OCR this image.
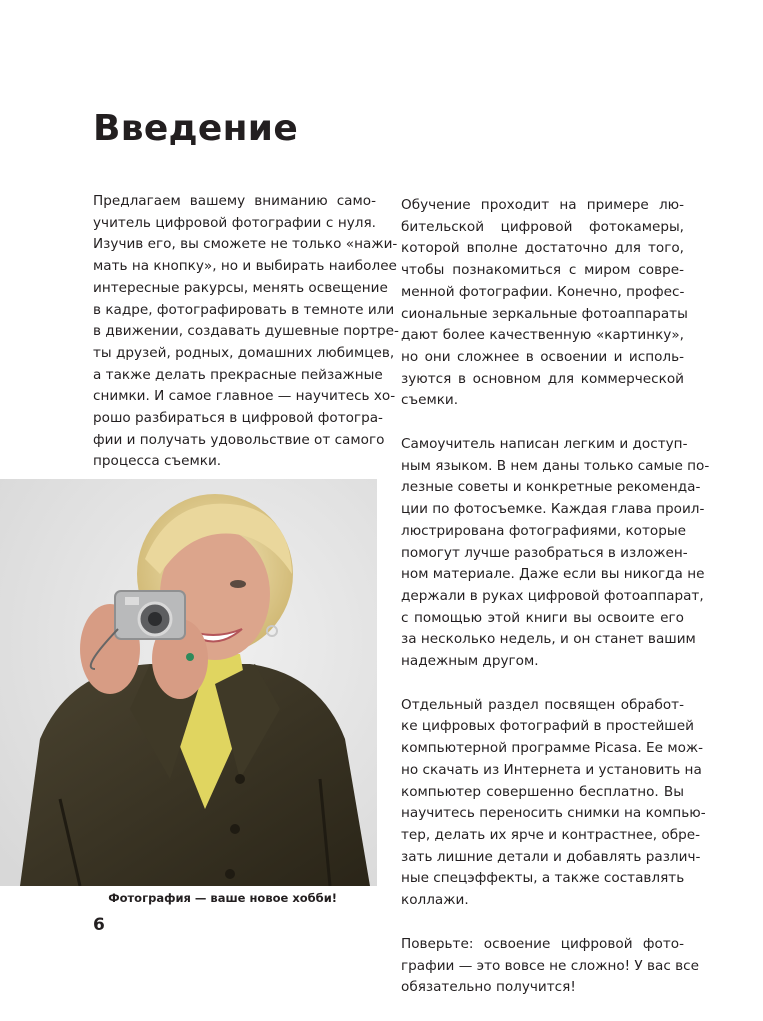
Введение

Предлагаем вашему вниманию само-
учитель цифровой фотографии с нуля.
Изучив его, вы сможете не только «нажи-
мать на кнопку», но и выбирать наиболее
интересные ракурсы, менять освещение
в кадре, фотографировать в темноте или
в движении, создавать душевные портре-
ты друзей, родных, домашних любимцев,
а также делать прекрасные пейзажные
снимки. И самое главное — научитесь хо-
рошо разбираться в цифровой фотогра-
фии и получать удовольствие от самого
процесса съемки.

Обучение проходит на примере лю-
бительской цифровой фотокамеры,
которой вполне достаточно для того,
чтобы познакомиться с миром совре-
менной фотографии. Конечно, профес-
сиональные зеркальные фотоаппараты
дают более качественную «картинку»,
но они сложнее в освоении и исполь-
зуются в основном для коммерческой
съемки.

Самоучитель написан легким и доступ-
ным языком. В нем даны только самые по-
лезные советы и конкретные рекоменда-
ции по фотосъемке. Каждая глава проил-
люстрирована фотографиями, которые
помогут лучше разобраться в изложен-
ном материале. Даже если вы никогда не
держали в руках цифровой фотоаппарат,
с помощью этой книги вы освоите его
за несколько недель, и он станет вашим
надежным другом.

Отдельный раздел посвящен обработ-
ке цифровых фотографий в простейшей
компьютерной программе Picasa. Ее мож-
но скачать из Интернета и установить на
компьютер совершенно бесплатно. Вы
научитесь переносить снимки на компью-
тер, делать их ярче и контрастнее, обре-
зать лишние детали и добавлять различ-
ные спецэффекты, а также составлять
коллажи.

Поверьте: освоение цифровой фото-
графии — это вовсе не сложно! У вас все
обязательно получится!

Фотография — ваше новое хобби!
6
